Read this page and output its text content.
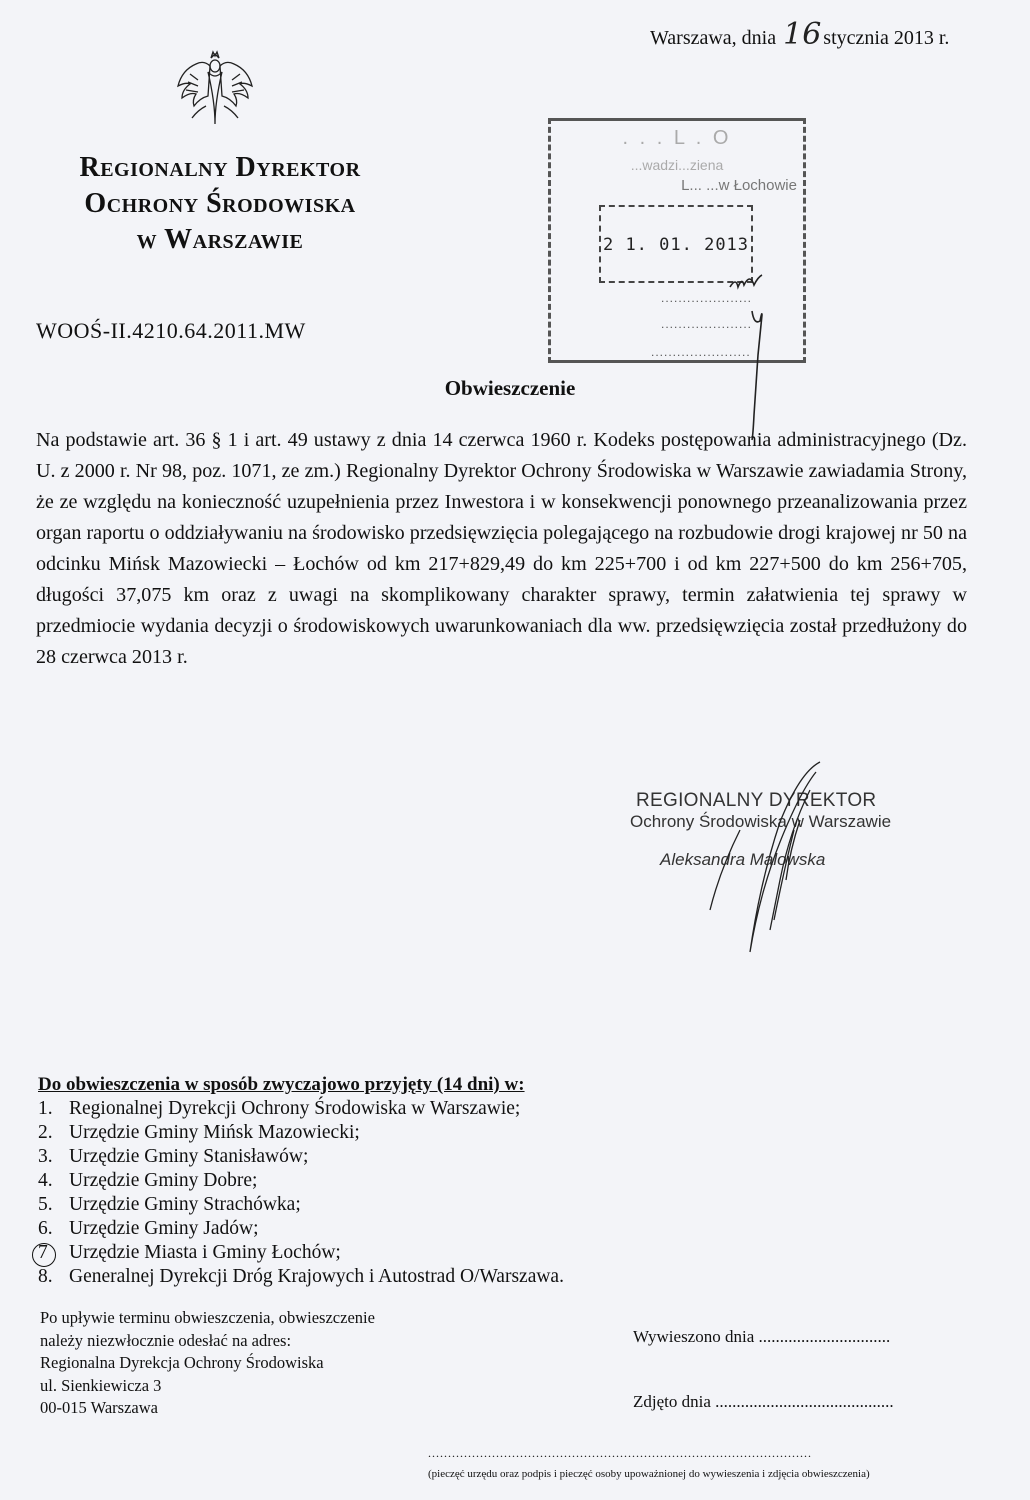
Regionalny Dyrektor
Ochrony Środowiska
w Warszawie
WOOŚ-II.4210.64.2011.MW
Warszawa, dnia 16 stycznia 2013 r.
. . . L . O
...wadzi...ziena
L... ...w Łochowie
2 1. 01. 2013
.....................
.....................
.......................
Obwieszczenie
Na podstawie art. 36 § 1 i art. 49 ustawy z dnia 14 czerwca 1960 r. Kodeks postępowania administracyjnego (Dz. U. z 2000 r. Nr 98, poz. 1071, ze zm.) Regionalny Dyrektor Ochrony Środowiska w Warszawie zawiadamia Strony, że ze względu na konieczność uzupełnienia przez Inwestora i w konsekwencji ponownego przeanalizowania przez organ raportu o oddziaływaniu na środowisko przedsięwzięcia polegającego na rozbudowie drogi krajowej nr 50 na odcinku Mińsk Mazowiecki – Łochów od km 217+829,49 do km 225+700 i od km 227+500 do km 256+705, długości 37,075 km oraz z uwagi na skomplikowany charakter sprawy, termin załatwienia tej sprawy w przedmiocie wydania decyzji o środowiskowych uwarunkowaniach dla ww. przedsięwzięcia został przedłużony do 28 czerwca 2013 r.
REGIONALNY DYREKTOR
Ochrony Środowiska w Warszawie
Aleksandra Malowska
Do obwieszczenia w sposób zwyczajowo przyjęty (14 dni) w:
1. Regionalnej Dyrekcji Ochrony Środowiska w Warszawie;
2. Urzędzie Gminy Mińsk Mazowiecki;
3. Urzędzie Gminy Stanisławów;
4. Urzędzie Gminy Dobre;
5. Urzędzie Gminy Strachówka;
6. Urzędzie Gminy Jadów;
7	Urzędzie Miasta i Gminy Łochów;
8. Generalnej Dyrekcji Dróg Krajowych i Autostrad O/Warszawa.
Po upływie terminu obwieszczenia, obwieszczenie
należy niezwłocznie odesłać na adres:
Regionalna Dyrekcja Ochrony Środowiska
ul. Sienkiewicza 3
00-015 Warszawa
Wywieszono dnia ...............................
Zdjęto dnia ..........................................
................................................................................................
(pieczęć urzędu oraz podpis i pieczęć osoby upoważnionej do wywieszenia i zdjęcia obwieszczenia)
